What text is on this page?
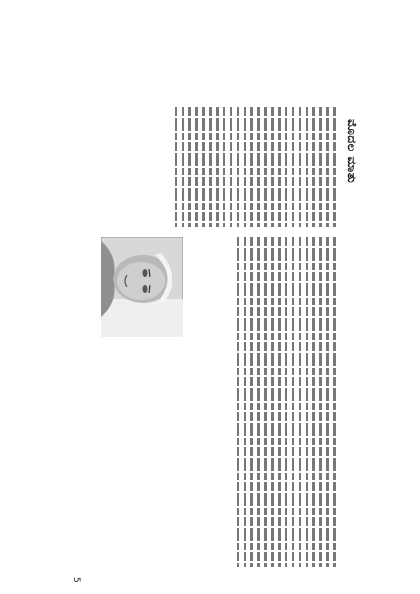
ಮೊದಲ ಮಾತು
5
